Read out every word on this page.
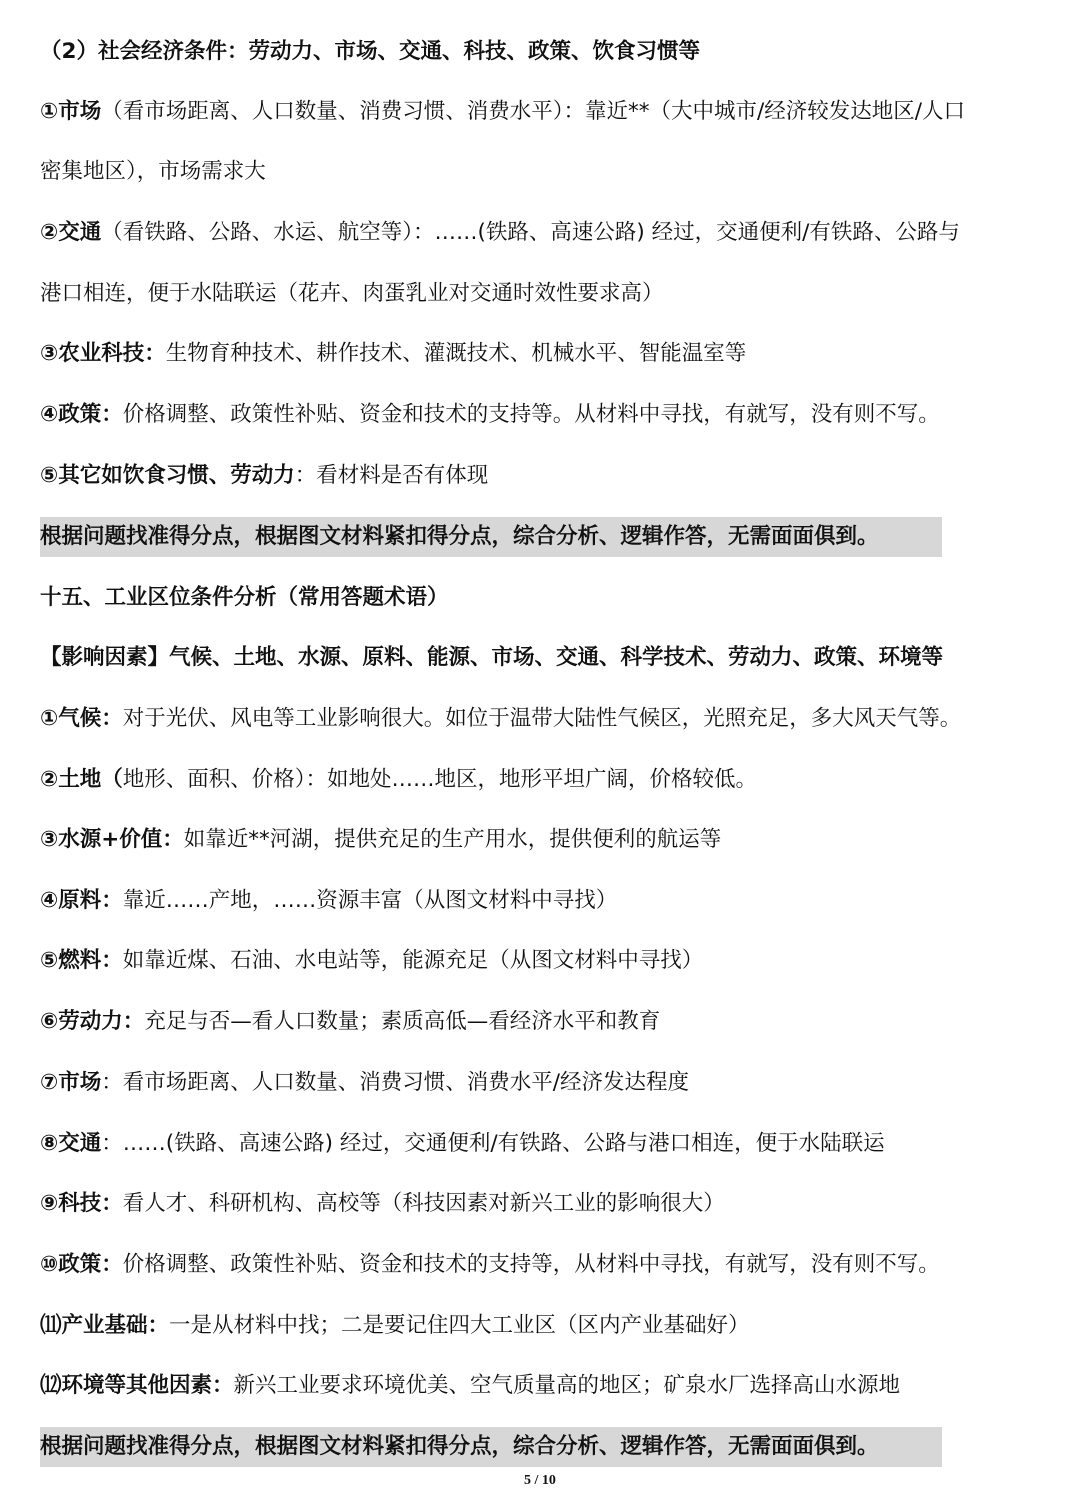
（2）社会经济条件：劳动力、市场、交通、科技、政策、饮食习惯等
①市场（看市场距离、人口数量、消费习惯、消费水平）：靠近**（大中城市/经济较发达地区/人口
密集地区），市场需求大
②交通（看铁路、公路、水运、航空等）：……(铁路、高速公路) 经过，交通便利/有铁路、公路与
港口相连，便于水陆联运（花卉、肉蛋乳业对交通时效性要求高）
③农业科技：生物育种技术、耕作技术、灌溉技术、机械水平、智能温室等
④政策：价格调整、政策性补贴、资金和技术的支持等。从材料中寻找，有就写，没有则不写。
⑤其它如饮食习惯、劳动力：看材料是否有体现
根据问题找准得分点，根据图文材料紧扣得分点，综合分析、逻辑作答，无需面面俱到。
十五、工业区位条件分析（常用答题术语）
【影响因素】气候、土地、水源、原料、能源、市场、交通、科学技术、劳动力、政策、环境等
①气候：对于光伏、风电等工业影响很大。如位于温带大陆性气候区，光照充足，多大风天气等。
②土地（地形、面积、价格）：如地处……地区，地形平坦广阔，价格较低。
③水源+价值：如靠近**河湖，提供充足的生产用水，提供便利的航运等
④原料：靠近……产地，……资源丰富（从图文材料中寻找）
⑤燃料：如靠近煤、石油、水电站等，能源充足（从图文材料中寻找）
⑥劳动力：充足与否—看人口数量；素质高低—看经济水平和教育
⑦市场：看市场距离、人口数量、消费习惯、消费水平/经济发达程度
⑧交通：……(铁路、高速公路) 经过，交通便利/有铁路、公路与港口相连，便于水陆联运
⑨科技：看人才、科研机构、高校等（科技因素对新兴工业的影响很大）
⑩政策：价格调整、政策性补贴、资金和技术的支持等，从材料中寻找，有就写，没有则不写。
⑾产业基础：一是从材料中找；二是要记住四大工业区（区内产业基础好）
⑿环境等其他因素：新兴工业要求环境优美、空气质量高的地区；矿泉水厂选择高山水源地
根据问题找准得分点，根据图文材料紧扣得分点，综合分析、逻辑作答，无需面面俱到。
5 / 10
